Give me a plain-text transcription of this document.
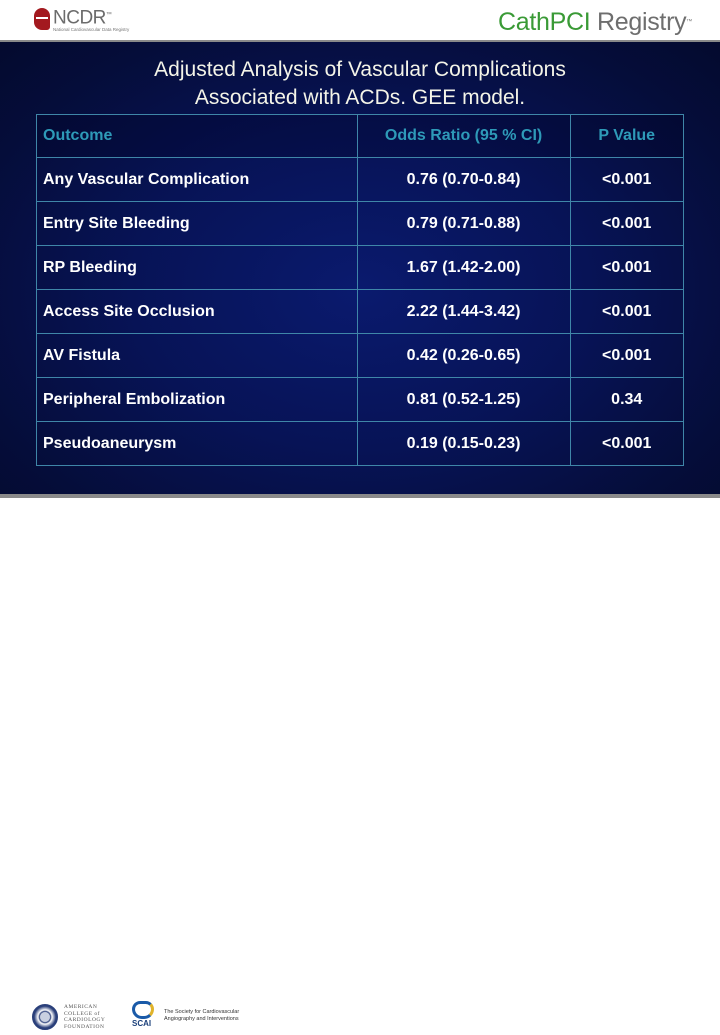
NCDR™
National Cardiovascular Data Registry	CathPCI Registry™
Adjusted Analysis of Vascular Complications
Associated with ACDs. GEE model.
Outcome	Odds Ratio (95 % CI)	P Value
Any Vascular Complication	0.76 (0.70-0.84)	<0.001
Entry Site Bleeding	0.79 (0.71-0.88)	<0.001
RP Bleeding	1.67 (1.42-2.00)	<0.001
Access Site Occlusion	2.22 (1.44-3.42)	<0.001
AV Fistula	0.42 (0.26-0.65)	<0.001
Peripheral Embolization	0.81 (0.52-1.25)	0.34
Pseudoaneurysm	0.19 (0.15-0.23)	<0.001
AMERICAN
COLLEGE of
CARDIOLOGY
FOUNDATION	SCAI
The Society for Cardiovascular
Angiography and Interventions
